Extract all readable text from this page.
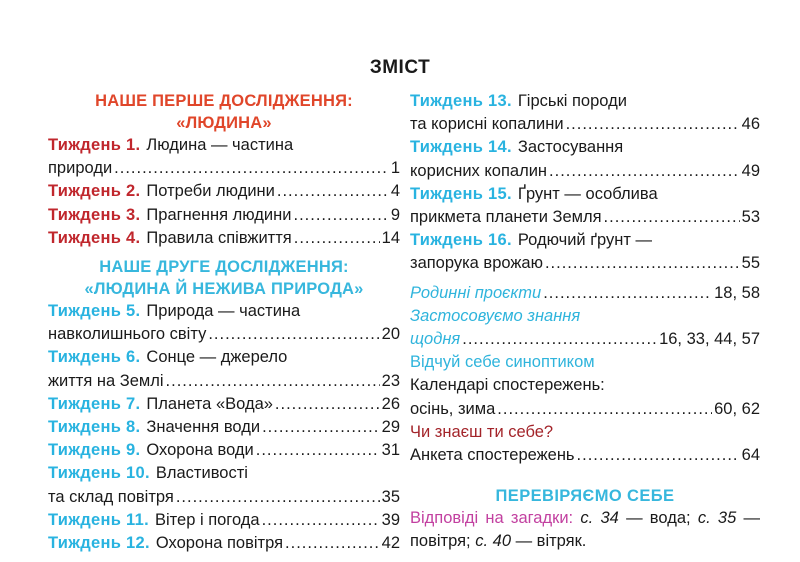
ЗМІСТ
НАШЕ ПЕРШЕ ДОСЛІДЖЕННЯ:
«ЛЮДИНА»
Тиждень 1. Людина — частина
природи .....	1
Тиждень 2. Потреби людини .....	4
Тиждень 3. Прагнення людини .....	9
Тиждень 4. Правила співжиття .....	14
НАШЕ ДРУГЕ ДОСЛІДЖЕННЯ:
«ЛЮДИНА Й НЕЖИВА ПРИРОДА»
Тиждень 5. Природа — частина
навколишнього світу .....	20
Тиждень 6. Сонце — джерело
життя на Землі .....	23
Тиждень 7. Планета «Вода» .....	26
Тиждень 8. Значення води .....	29
Тиждень 9. Охорона води .....	31
Тиждень 10. Властивості
та склад повітря .....	35
Тиждень 11. Вітер і погода .....	39
Тиждень 12. Охорона повітря .....	42
Тиждень 13. Гірські породи
та корисні копалини .....	46
Тиждень 14. Застосування
корисних копалин .....	49
Тиждень 15. Ґрунт — особлива
прикмета планети Земля .....	53
Тиждень 16. Родючий ґрунт —
запорука врожаю .....	55
Родинні проєкти .....	18, 58
Застосовуємо знання
щодня .....	16, 33, 44, 57
Відчуй себе синоптиком
Календарі спостережень:
осінь, зима .....	60, 62
Чи знаєш ти себе?
Анкета спостережень .....	64
ПЕРЕВІРЯЄМО СЕБЕ
Відповіді на загадки: с. 34 — вода; с. 35 — повітря; с. 40 — вітряк.
